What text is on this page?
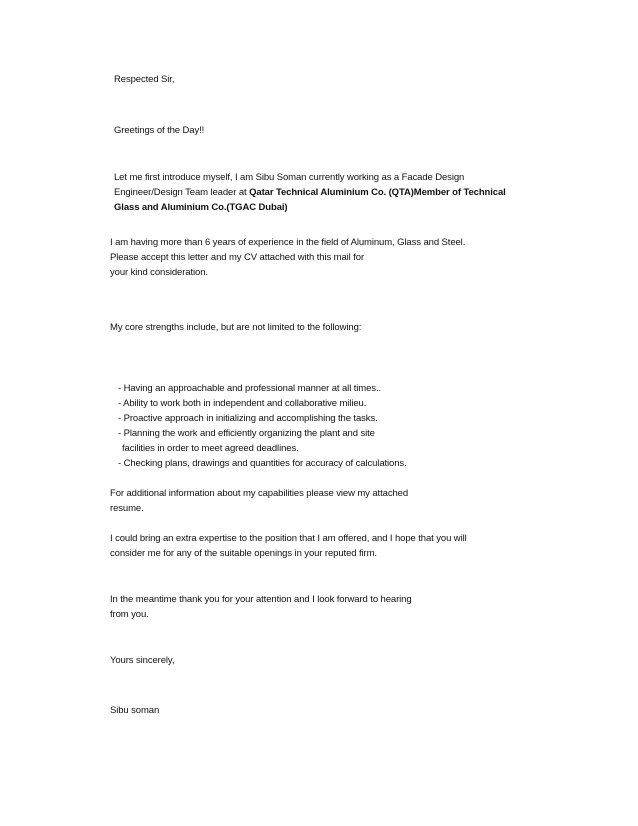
Respected Sir,
Greetings of the Day!!
Let me first introduce myself, I am Sibu Soman currently working as a Facade Design
Engineer/Design Team leader at Qatar Technical Aluminium Co. (QTA)Member of Technical
Glass and Aluminium Co.(TGAC Dubai)
I am having more than 6 years of experience in the field of Aluminum, Glass and Steel.
Please accept this letter and my CV attached with this mail for
your kind consideration.
My core strengths include, but are not limited to the following:
- Having an approachable and professional manner at all times..
- Ability to work both in independent and collaborative milieu.
- Proactive approach in initializing and accomplishing the tasks.
- Planning the work and efficiently organizing the plant and site
facilities in order to meet agreed deadlines.
- Checking plans, drawings and quantities for accuracy of calculations.
For additional information about my capabilities please view my attached
resume.
I could bring an extra expertise to the position that I am offered, and I hope that you will
consider me for any of the suitable openings in your reputed firm.
In the meantime thank you for your attention and I look forward to hearing
from you.
Yours sincerely,
Sibu soman
